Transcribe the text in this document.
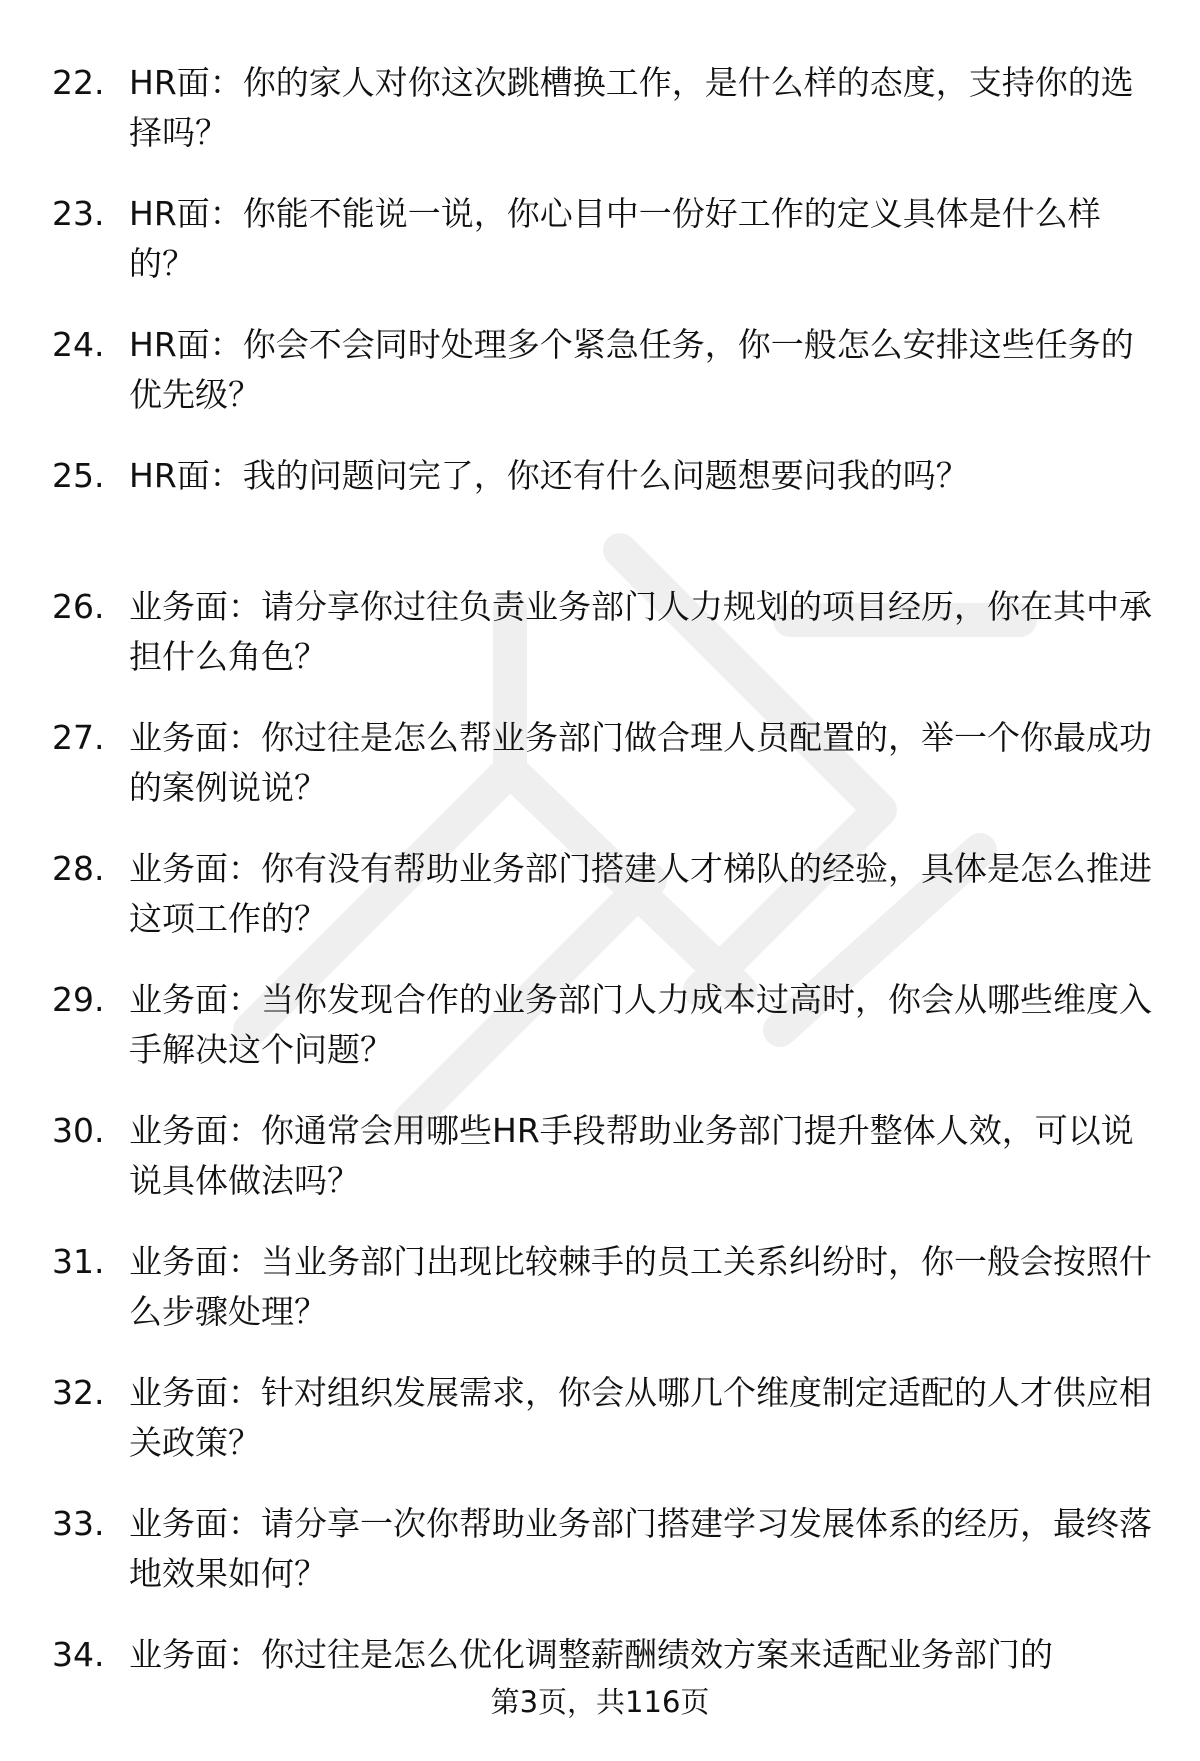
22. HR面：你的家人对你这次跳槽换工作，是什么样的态度，支持你的选择吗？
23. HR面：你能不能说一说，你心目中一份好工作的定义具体是什么样的？
24. HR面：你会不会同时处理多个紧急任务，你一般怎么安排这些任务的优先级？
25. HR面：我的问题问完了，你还有什么问题想要问我的吗？
26. 业务面：请分享你过往负责业务部门人力规划的项目经历，你在其中承担什么角色？
27. 业务面：你过往是怎么帮业务部门做合理人员配置的，举一个你最成功的案例说说？
28. 业务面：你有没有帮助业务部门搭建人才梯队的经验，具体是怎么推进这项工作的？
29. 业务面：当你发现合作的业务部门人力成本过高时，你会从哪些维度入手解决这个问题？
30. 业务面：你通常会用哪些HR手段帮助业务部门提升整体人效，可以说说具体做法吗？
31. 业务面：当业务部门出现比较棘手的员工关系纠纷时，你一般会按照什么步骤处理？
32. 业务面：针对组织发展需求，你会从哪几个维度制定适配的人才供应相关政策？
33. 业务面：请分享一次你帮助业务部门搭建学习发展体系的经历，最终落地效果如何？
34. 业务面：你过往是怎么优化调整薪酬绩效方案来适配业务部门的
第3页，共116页
